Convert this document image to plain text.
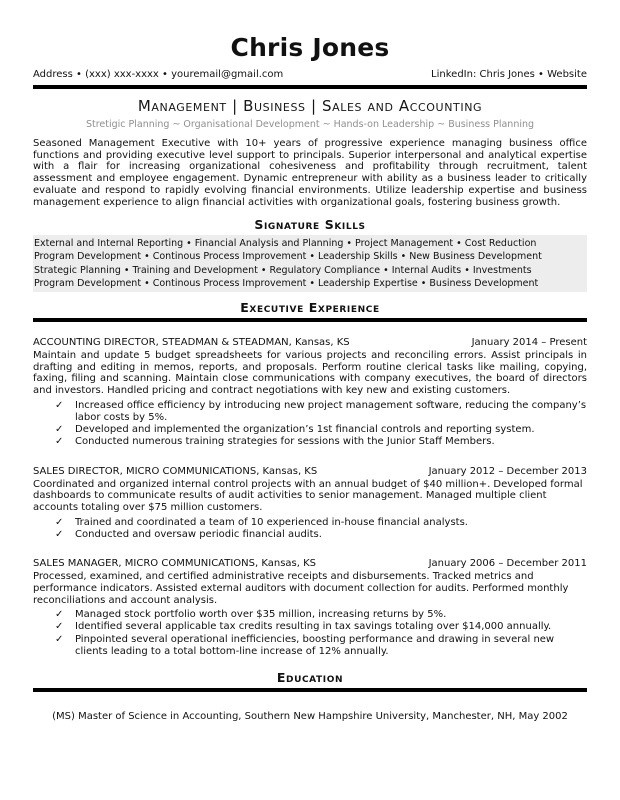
Chris Jones
Address • (xxx) xxx-xxxx • youremail@gmail.com	LinkedIn: Chris Jones • Website
Management | Business | Sales and Accounting
Stretigic Planning ~ Organisational Development ~ Hands-on Leadership ~ Business Planning

Seasoned Management Executive with 10+ years of progressive experience managing business office functions and providing executive level support to principals. Superior interpersonal and analytical expertise with a flair for increasing organizational cohesiveness and profitability through recruitment, talent assessment and employee engagement. Dynamic entrepreneur with ability as a business leader to critically evaluate and respond to rapidly evolving financial environments. Utilize leadership expertise and business management experience to align financial activities with organizational goals, fostering business growth.

Signature Skills
External and Internal Reporting • Financial Analysis and Planning • Project Management • Cost Reduction
Program Development • Continous Process Improvement • Leadership Skills • New Business Development
Strategic Planning • Training and Development • Regulatory Compliance • Internal Audits • Investments
Program Development • Continous Process Improvement • Leadership Expertise • Business Development
Executive Experience
ACCOUNTING DIRECTOR, STEADMAN & STEADMAN, Kansas, KS	January 2014 – Present

Maintain and update 5 budget spreadsheets for various projects and reconciling errors. Assist principals in drafting and editing in memos, reports, and proposals. Perform routine clerical tasks like mailing, copying, faxing, filing and scanning. Maintain close communications with company executives, the board of directors and investors. Handled pricing and contract negotiations with key new and existing customers.

✓	Increased office efficiency by introducing new project management software, reducing the company’s labor costs by 5%.
✓	Developed and implemented the organization’s 1st financial controls and reporting system.
✓	Conducted numerous training strategies for sessions with the Junior Staff Members.
SALES DIRECTOR, MICRO COMMUNICATIONS, Kansas, KS	January 2012 – December 2013

Coordinated and organized internal control projects with an annual budget of $40 million+. Developed formal dashboards to communicate results of audit activities to senior management. Managed multiple client accounts totaling over $75 million customers.

✓	Trained and coordinated a team of 10 experienced in-house financial analysts.
✓	Conducted and oversaw periodic financial audits.
SALES MANAGER, MICRO COMMUNICATIONS, Kansas, KS	January 2006 – December 2011

Processed, examined, and certified administrative receipts and disbursements. Tracked metrics and performance indicators. Assisted external auditors with document collection for audits. Performed monthly reconciliations and account analysis.

✓	Managed stock portfolio worth over $35 million, increasing returns by 5%.
✓	Identified several applicable tax credits resulting in tax savings totaling over $14,000 annually.
✓	Pinpointed several operational inefficiencies, boosting performance and drawing in several new clients leading to a total bottom-line increase of 12% annually.
Education

(MS) Master of Science in Accounting, Southern New Hampshire University, Manchester, NH, May 2002
